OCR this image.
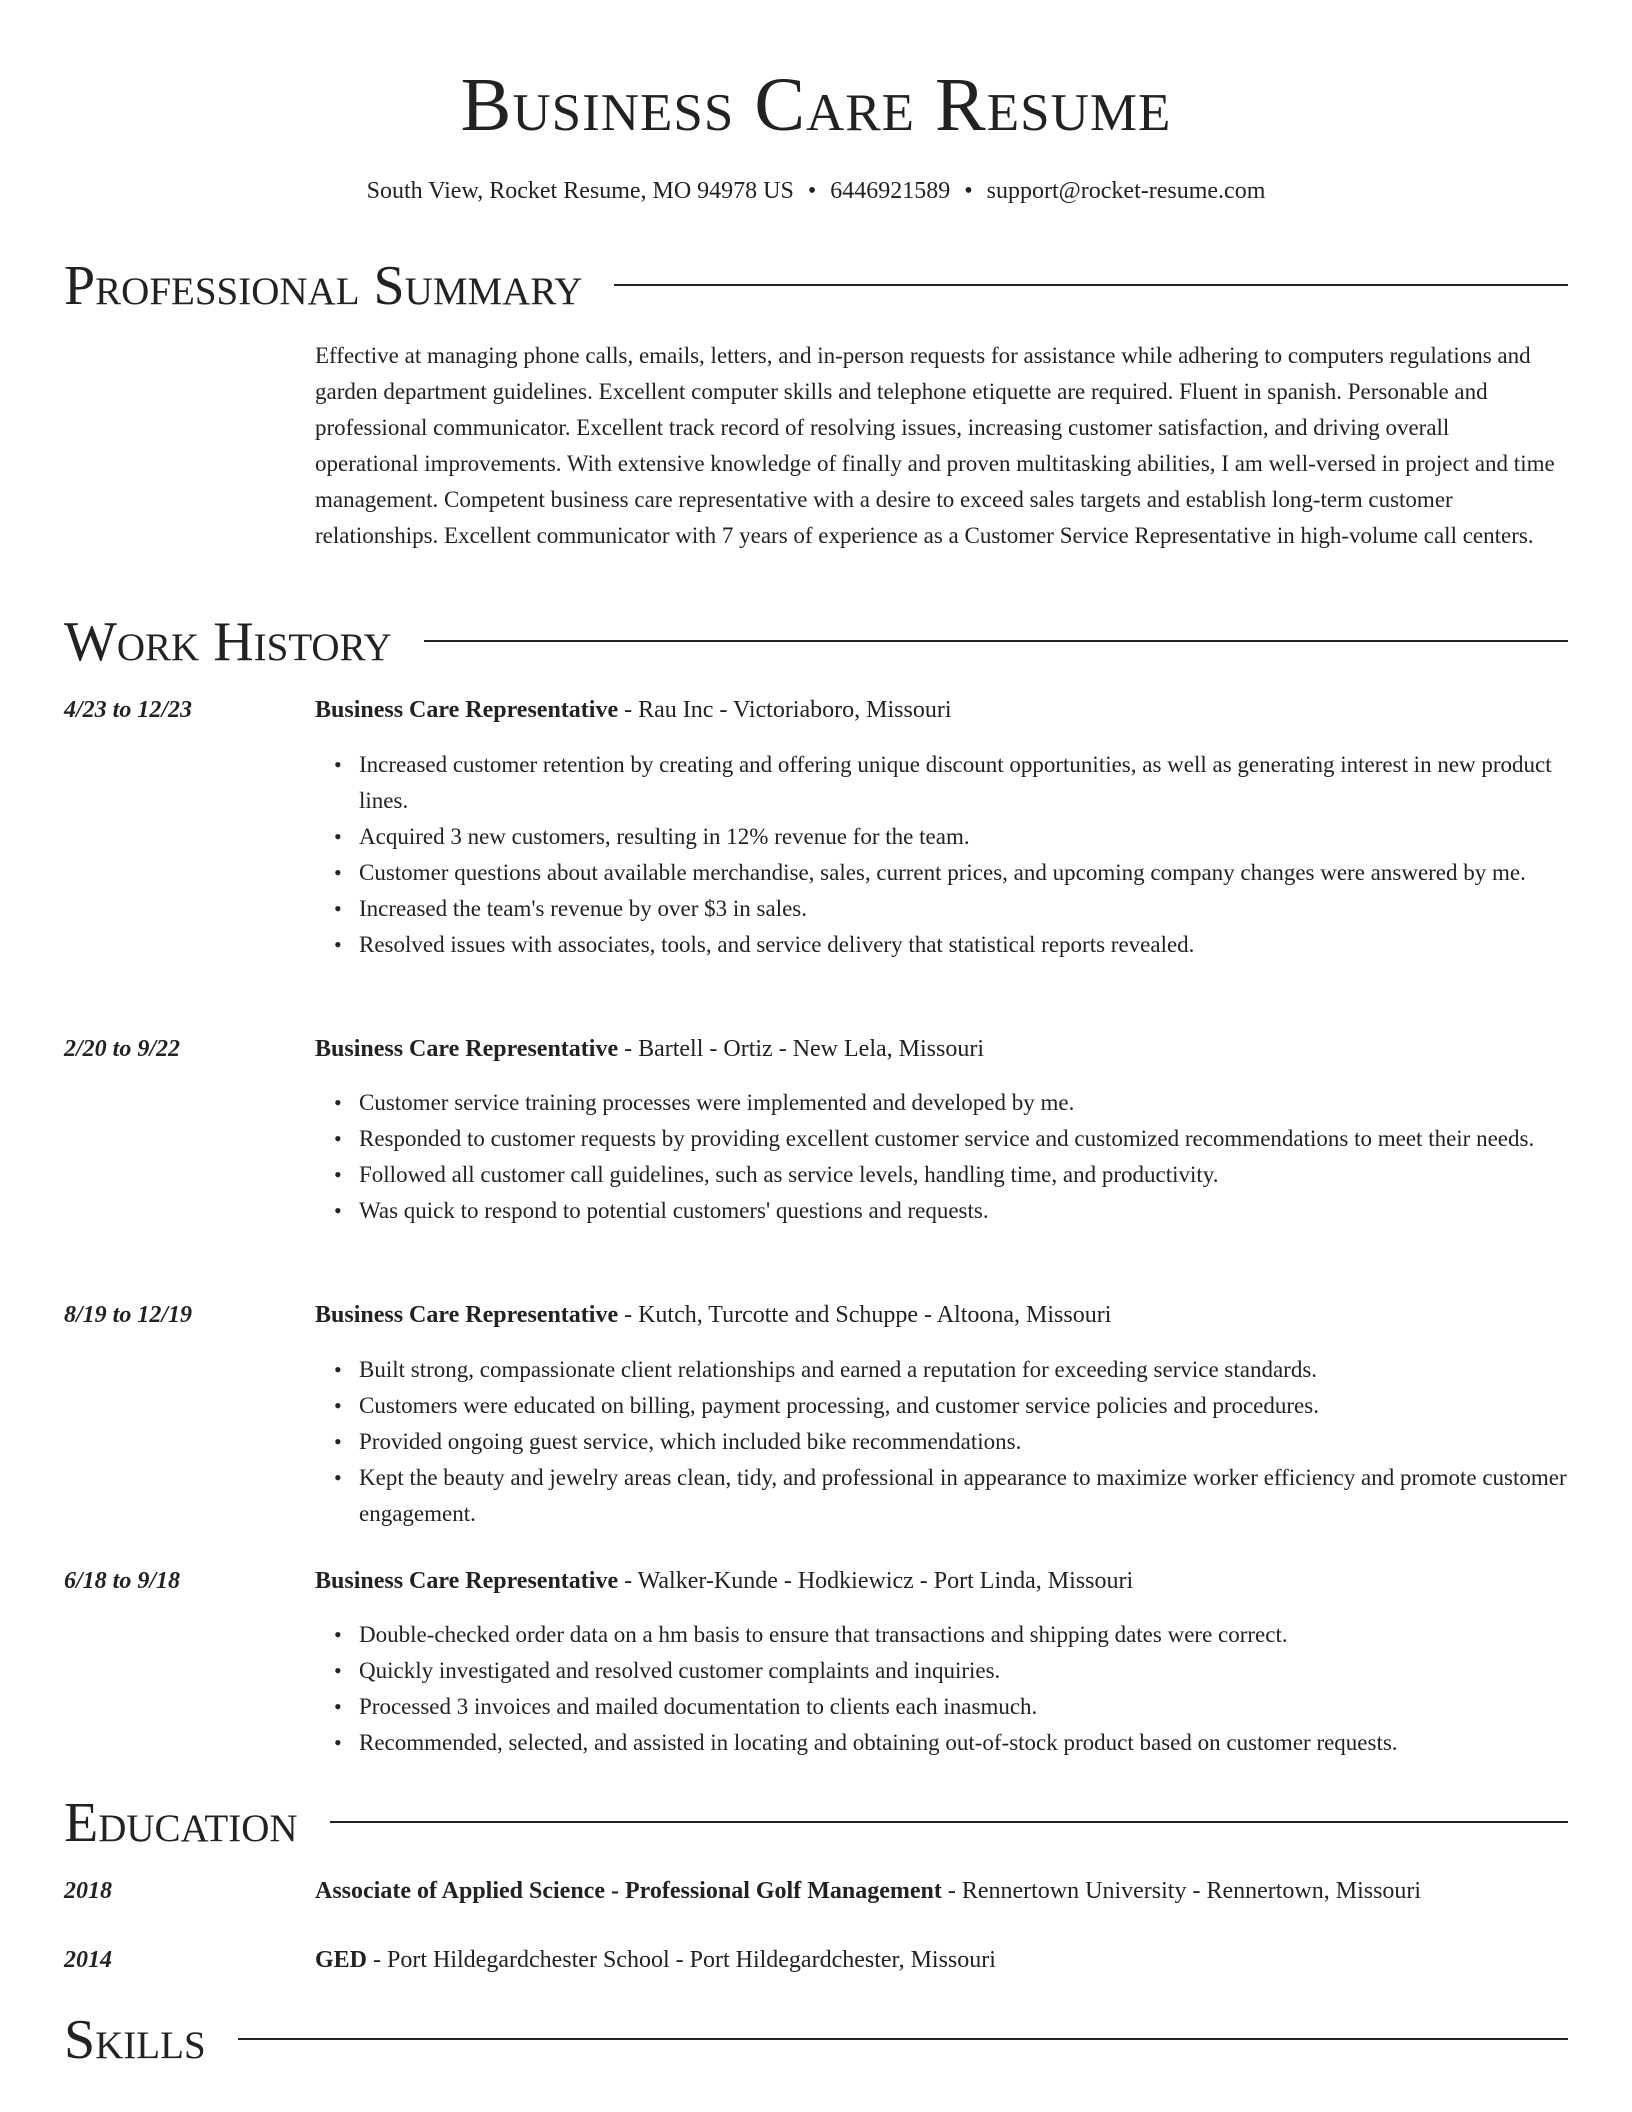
Business Care Resume
South View, Rocket Resume, MO 94978 US • 6446921589 • support@rocket-resume.com
Professional Summary
Effective at managing phone calls, emails, letters, and in-person requests for assistance while adhering to computers regulations and garden department guidelines. Excellent computer skills and telephone etiquette are required. Fluent in spanish. Personable and professional communicator. Excellent track record of resolving issues, increasing customer satisfaction, and driving overall operational improvements. With extensive knowledge of finally and proven multitasking abilities, I am well-versed in project and time management. Competent business care representative with a desire to exceed sales targets and establish long-term customer relationships. Excellent communicator with 7 years of experience as a Customer Service Representative in high-volume call centers.
Work History
4/23 to 12/23	Business Care Representative - Rau Inc - Victoriaboro, Missouri
• Increased customer retention by creating and offering unique discount opportunities, as well as generating interest in new product lines.
• Acquired 3 new customers, resulting in 12% revenue for the team.
• Customer questions about available merchandise, sales, current prices, and upcoming company changes were answered by me.
• Increased the team's revenue by over $3 in sales.
• Resolved issues with associates, tools, and service delivery that statistical reports revealed.
2/20 to 9/22	Business Care Representative - Bartell - Ortiz - New Lela, Missouri
• Customer service training processes were implemented and developed by me.
• Responded to customer requests by providing excellent customer service and customized recommendations to meet their needs.
• Followed all customer call guidelines, such as service levels, handling time, and productivity.
• Was quick to respond to potential customers' questions and requests.
8/19 to 12/19	Business Care Representative - Kutch, Turcotte and Schuppe - Altoona, Missouri
• Built strong, compassionate client relationships and earned a reputation for exceeding service standards.
• Customers were educated on billing, payment processing, and customer service policies and procedures.
• Provided ongoing guest service, which included bike recommendations.
• Kept the beauty and jewelry areas clean, tidy, and professional in appearance to maximize worker efficiency and promote customer engagement.
6/18 to 9/18	Business Care Representative - Walker-Kunde - Hodkiewicz - Port Linda, Missouri
• Double-checked order data on a hm basis to ensure that transactions and shipping dates were correct.
• Quickly investigated and resolved customer complaints and inquiries.
• Processed 3 invoices and mailed documentation to clients each inasmuch.
• Recommended, selected, and assisted in locating and obtaining out-of-stock product based on customer requests.
Education
2018	Associate of Applied Science - Professional Golf Management - Rennertown University - Rennertown, Missouri
2014	GED - Port Hildegardchester School - Port Hildegardchester, Missouri
Skills
